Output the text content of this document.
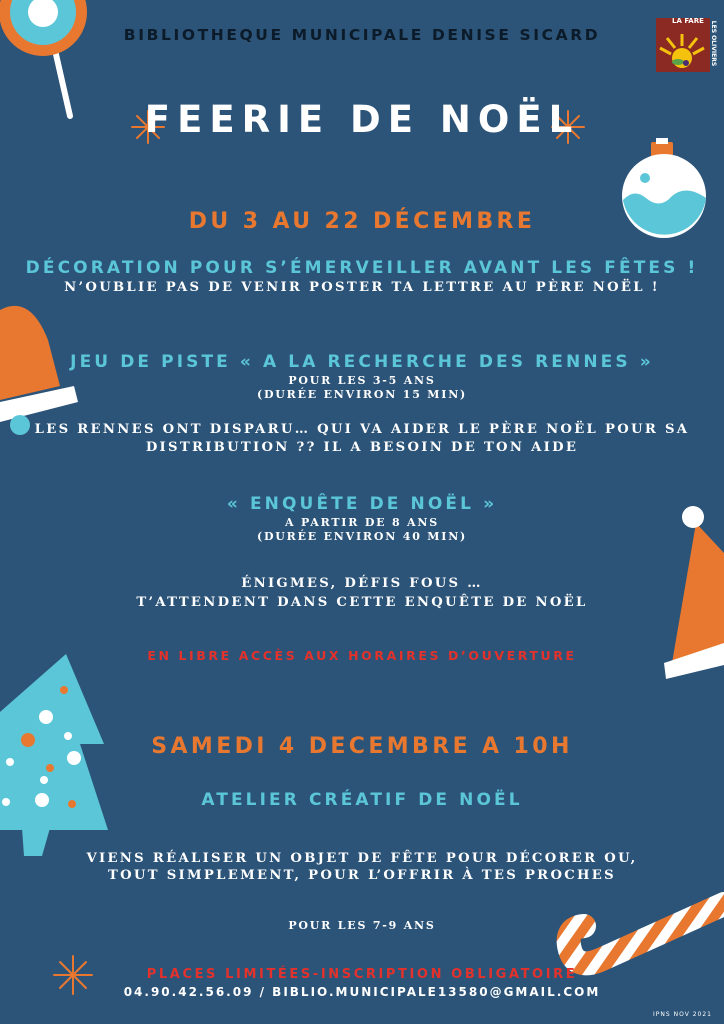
LA FARE LES OLIVIERS
BIBLIOTHEQUE MUNICIPALE DENISE SICARD
FEERIE DE NOËL
DU 3 AU 22 DÉCEMBRE
DÉCORATION POUR S’ÉMERVEILLER AVANT LES FÊTES !
N’OUBLIE PAS DE VENIR POSTER TA LETTRE AU PÈRE NOËL !
JEU DE PISTE « A LA RECHERCHE DES RENNES »
POUR LES 3-5 ANS
(DURÉE ENVIRON 15 MIN)
LES RENNES ONT DISPARU… QUI VA AIDER LE PÈRE NOËL POUR SA
DISTRIBUTION ?? IL A BESOIN DE TON AIDE
« ENQUÊTE DE NOËL »
A PARTIR DE 8 ANS
(DURÉE ENVIRON 40 MIN)
ÉNIGMES, DÉFIS FOUS …
T’ATTENDENT DANS CETTE ENQUÊTE DE NOËL
EN LIBRE ACCÈS AUX HORAIRES D’OUVERTURE
SAMEDI 4 DECEMBRE A 10H
ATELIER CRÉATIF DE NOËL
VIENS RÉALISER UN OBJET DE FÊTE POUR DÉCORER OU,
TOUT SIMPLEMENT, POUR L’OFFRIR À TES PROCHES
POUR LES 7-9 ANS
PLACES LIMITÉES-INSCRIPTION OBLIGATOIRE
04.90.42.56.09 / BIBLIO.MUNICIPALE13580@GMAIL.COM
IPNS NOV 2021
